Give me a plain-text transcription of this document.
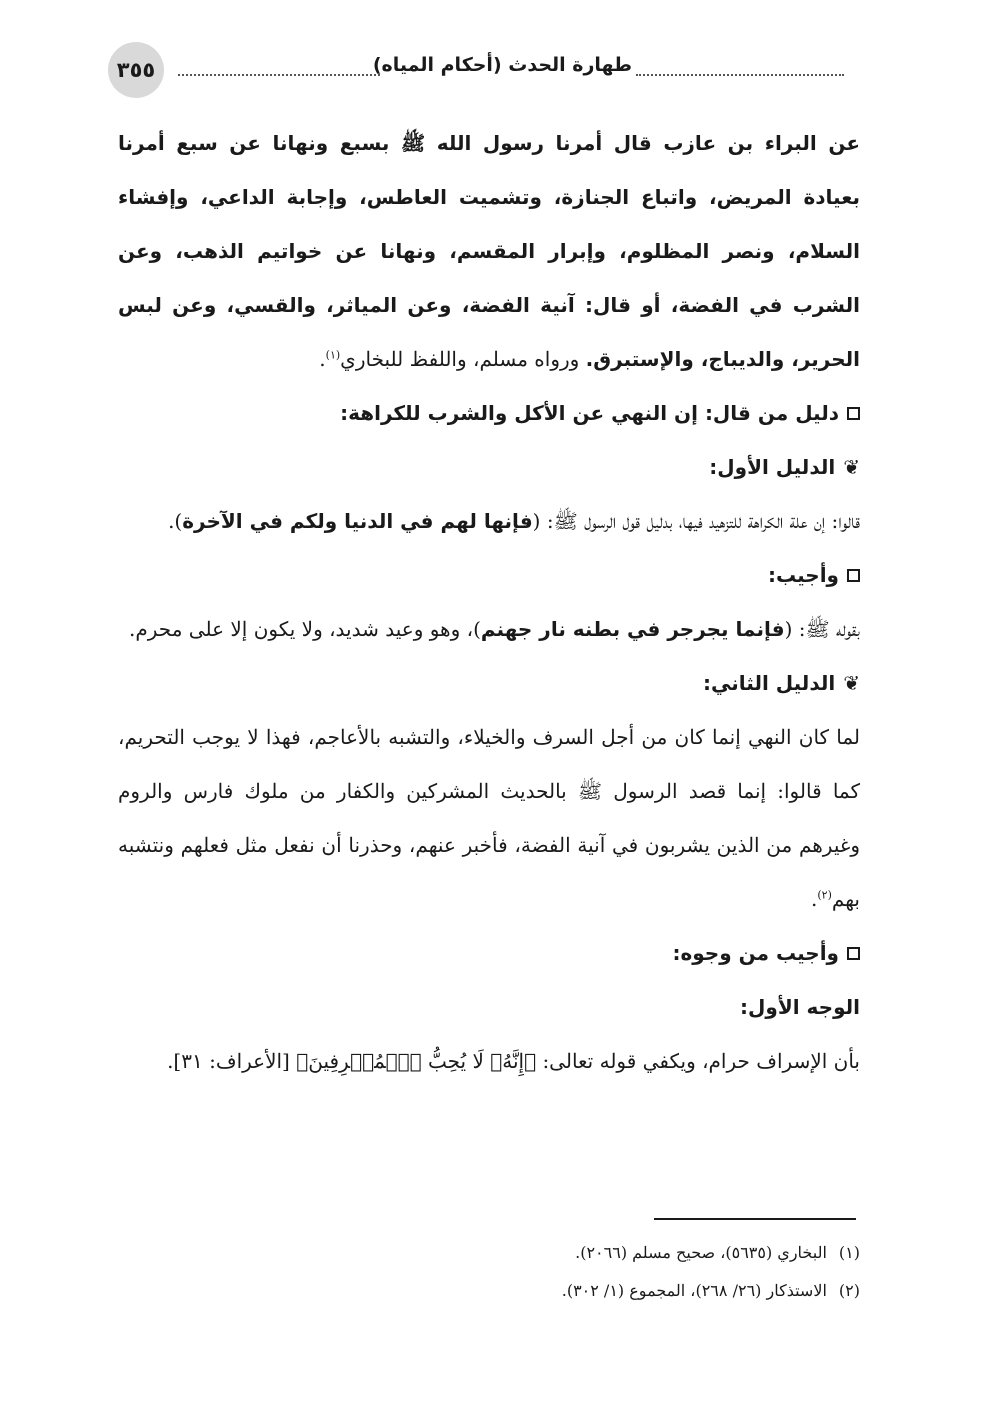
٣٥٥	طهارة الحدث (أحكام المياه)

عن البراء بن عازب قال أمرنا رسول الله ﷺ بسبع ونهانا عن سبع أمرنا بعيادة المريض، واتباع الجنازة، وتشميت العاطس، وإجابة الداعي، وإفشاء السلام، ونصر المظلوم، وإبرار المقسم، ونهانا عن خواتيم الذهب، وعن الشرب في الفضة، أو قال: آنية الفضة، وعن المياثر، والقسي، وعن لبس الحرير، والديباج، والإستبرق. ورواه مسلم، واللفظ للبخاري$^{(١)}$.

دليل من قال: إن النهي عن الأكل والشرب للكراهة:
❦
الدليل الأول:

قالوا: إن علة الكراهة للتزهيد فيها، بدليل قول الرسول ﷺ: (فإنها لهم في الدنيا ولكم في الآخرة).

وأجيب:

بقوله ﷺ: (فإنما يجرجر في بطنه نار جهنم)، وهو وعيد شديد، ولا يكون إلا على محرم.

❦
الدليل الثاني:

لما كان النهي إنما كان من أجل السرف والخيلاء، والتشبه بالأعاجم، فهذا لا يوجب التحريم، كما قالوا: إنما قصد الرسول ﷺ بالحديث المشركين والكفار من ملوك فارس والروم وغيرهم من الذين يشربون في آنية الفضة، فأخبر عنهم، وحذرنا أن نفعل مثل فعلهم ونتشبه بهم$^{(٢)}$.

وأجيب من وجوه:
الوجه الأول:

بأن الإسراف حرام، ويكفي قوله تعالى: ﴿إِنَّهُۥ لَا يُحِبُّ ٱلۡمُسۡرِفِينَ﴾ [الأعراف: ٣١].

(١)البخاري (٥٦٣٥)، صحيح مسلم (٢٠٦٦).

(٢)الاستذكار (٢٦/ ٢٦٨)، المجموع (١/ ٣٠٢).
